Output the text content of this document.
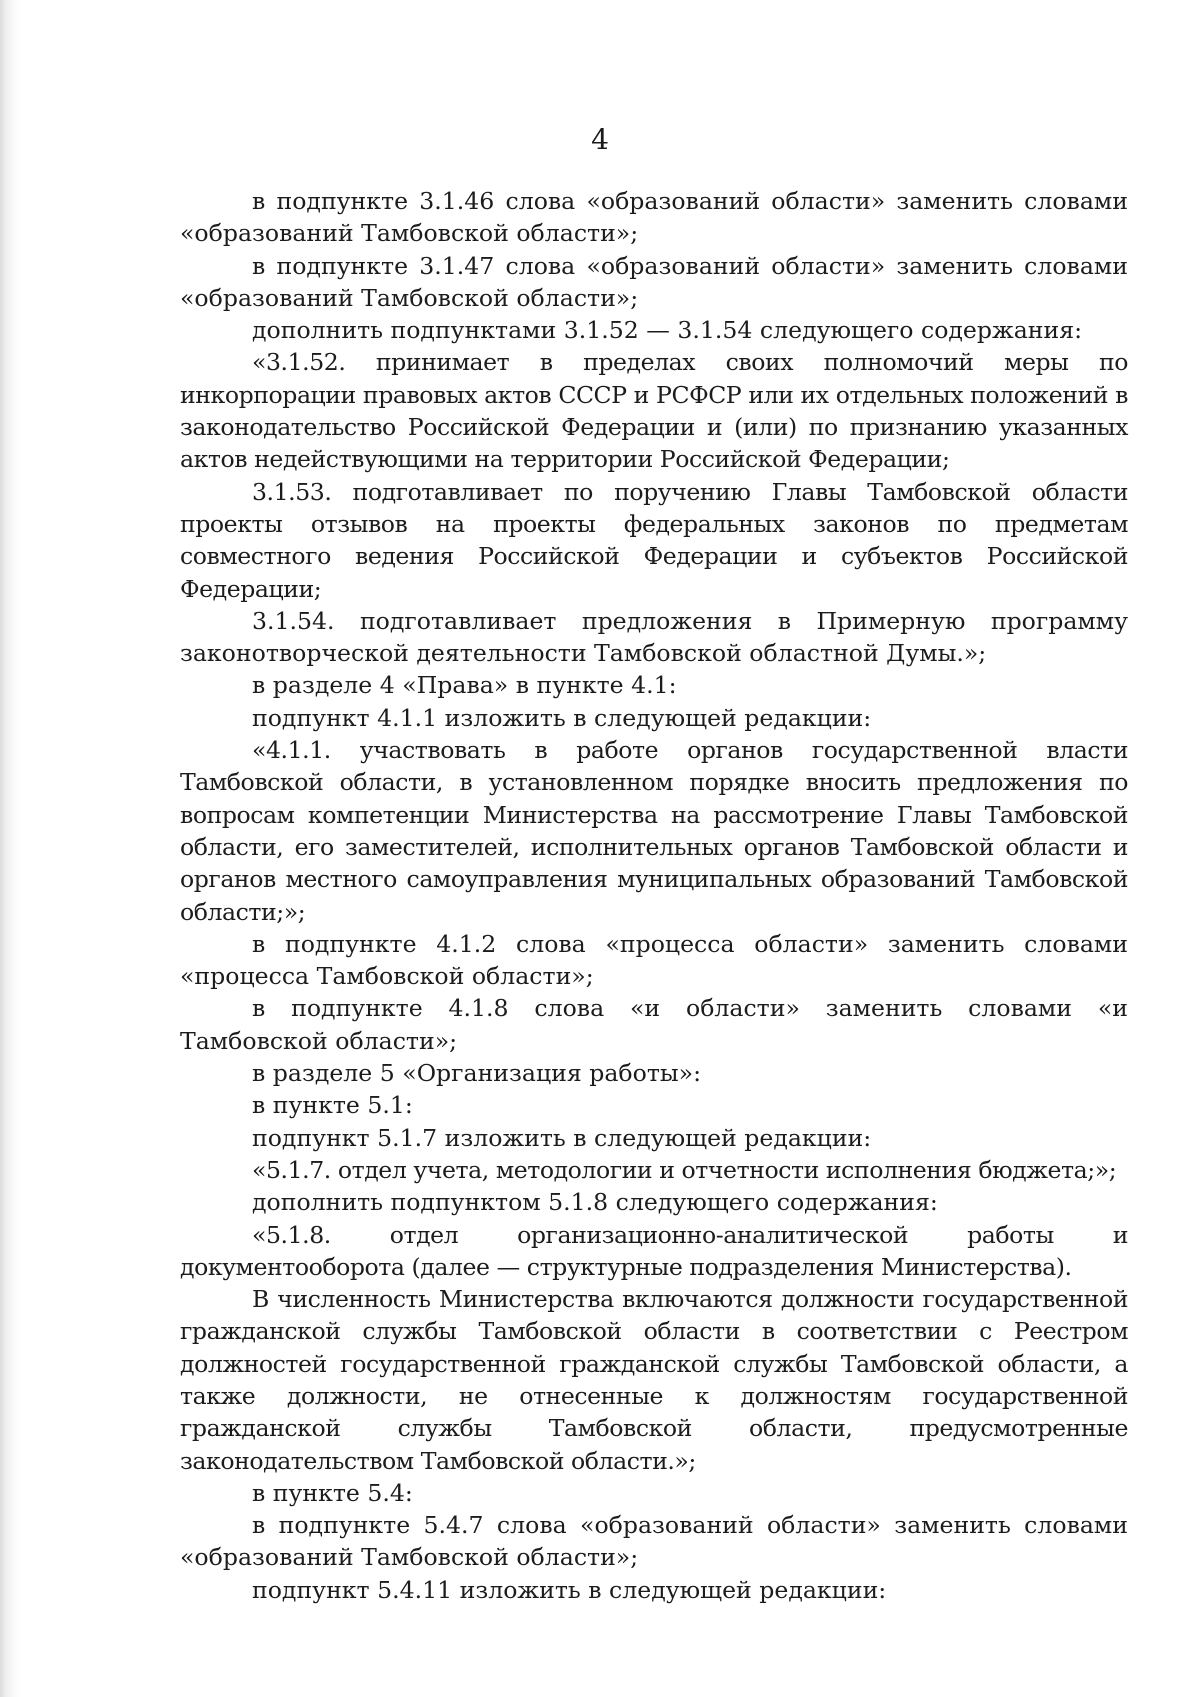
4

в подпункте 3.1.46 слова «образований области» заменить словами «образований Тамбовской области»;

в подпункте 3.1.47 слова «образований области» заменить словами «образований Тамбовской области»;

дополнить подпунктами 3.1.52 — 3.1.54 следующего содержания:

«3.1.52. принимает в пределах своих полномочий меры по инкорпорации правовых актов СССР и РСФСР или их отдельных положений в законодательство Российской Федерации и (или) по признанию указанных актов недействующими на территории Российской Федерации;

3.1.53. подготавливает по поручению Главы Тамбовской области проекты отзывов на проекты федеральных законов по предметам совместного ведения Российской Федерации и субъектов Российской Федерации;

3.1.54. подготавливает предложения в Примерную программу законотворческой деятельности Тамбовской областной Думы.»;

в разделе 4 «Права» в пункте 4.1:

подпункт 4.1.1 изложить в следующей редакции:

«4.1.1. участвовать в работе органов государственной власти Тамбовской области, в установленном порядке вносить предложения по вопросам компетенции Министерства на рассмотрение Главы Тамбовской области, его заместителей, исполнительных органов Тамбовской области и органов местного самоуправления муниципальных образований Тамбовской области;»;

в подпункте 4.1.2 слова «процесса области» заменить словами «процесса Тамбовской области»;

в подпункте 4.1.8 слова «и области» заменить словами «и Тамбовской области»;

в разделе 5 «Организация работы»:

в пункте 5.1:

подпункт 5.1.7 изложить в следующей редакции:

«5.1.7. отдел учета, методологии и отчетности исполнения бюджета;»;

дополнить подпунктом 5.1.8 следующего содержания:

«5.1.8. отдел организационно-аналитической работы и документооборота (далее — структурные подразделения Министерства).

В численность Министерства включаются должности государственной гражданской службы Тамбовской области в соответствии с Реестром должностей государственной гражданской службы Тамбовской области, а также должности, не отнесенные к должностям государственной гражданской службы Тамбовской области, предусмотренные законодательством Тамбовской области.»;

в пункте 5.4:

в подпункте 5.4.7 слова «образований области» заменить словами «образований Тамбовской области»;

подпункт 5.4.11 изложить в следующей редакции:
